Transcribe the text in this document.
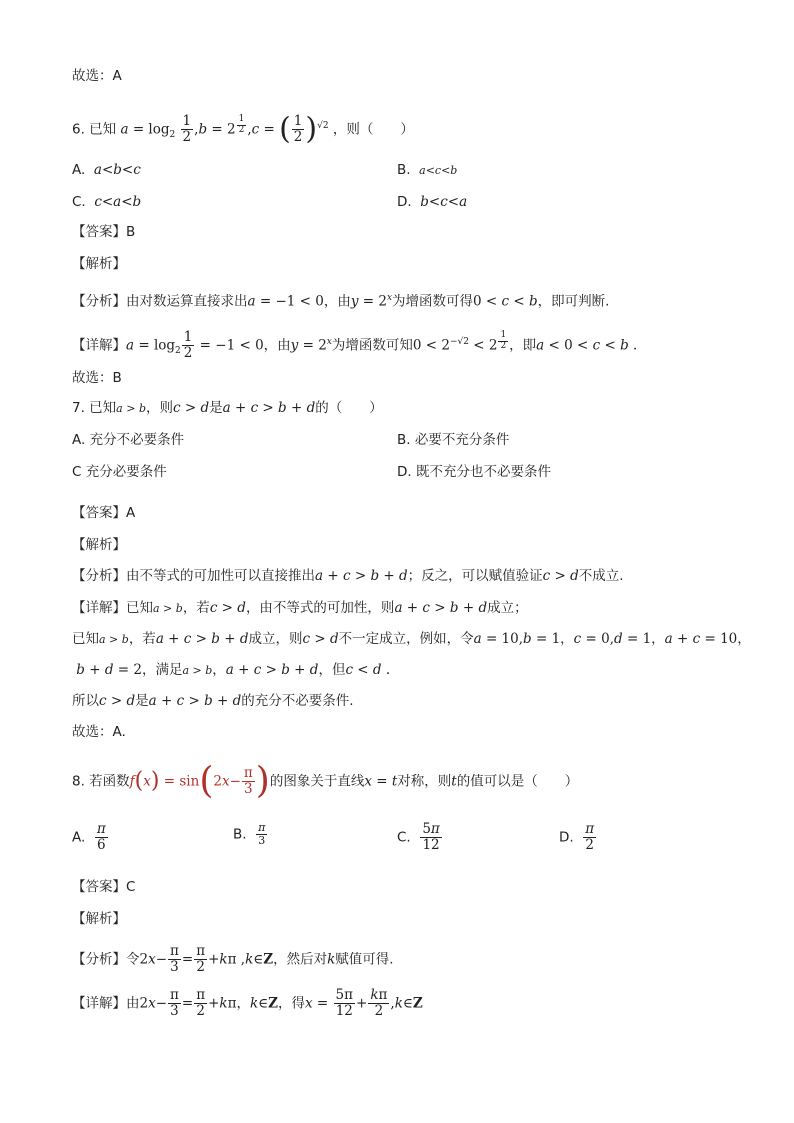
故选：A
6. 已知 $a = \log_2 \frac{1}{2} ,b = 2$ $^{\frac{1}{2}}$ ,c = ( $\frac{1}{2} )^{√2}$ ，则（　　）
A. a<b<c	B. a<c<b
C. c<a<b	D. b<c<a
【答案】B
【解析】
【分析】由对数运算直接求出a = −1 < 0，由$y = 2^x$为增函数可得0 < c < b，即可判断.
【详解】$a = \log_2 \frac{1}{2} = -1 < 0$，由$y = 2^x$为增函数可知$0 < 2^{-√2} < 2$ $^{\frac{1}{2}}$ ，即a < 0 < c < b .
故选：B
7. 已知a > b，则c > d是a + c > b + d的（　　）
A. 充分不必要条件	B. 必要不充分条件
C 充分必要条件	D. 既不充分也不必要条件
【答案】A
【解析】
【分析】由不等式的可加性可以直接推出a + c > b + d；反之，可以赋值验证c > d不成立.
【详解】已知a > b，若c > d，由不等式的可加性，则a + c > b + d成立；
已知a > b，若a + c > b + d成立，则c > d不一定成立，例如，令a = 10,b = 1，c = 0,d = 1，a + c = 10，
b + d = 2，满足a > b，a + c > b + d，但c < d .
所以c > d是a + c > b + d的充分不必要条件.
故选：A.
8. 若函数$f(x) = \sin(2x- \frac{\pi}{3}$ )的图象关于直线x = t对称，则t的值可以是（　　）
A. $\frac{\pi}{6}$	B. $\frac{\pi}{3}$	C. $\frac{5\pi}{12}$	D. $\frac{\pi}{2}$
【答案】C
【解析】
【分析】令$2x- \frac{\pi}{3} = \frac{\pi}{2} +k\pi$ ,k∈Z，然后对k赋值可得.
【详解】由$2x- \frac{\pi}{3} = \frac{\pi}{2} +k\pi$，k∈Z，得$x = \frac{5\pi}{12} + \frac{k\pi}{2}$ ,k∈Z
